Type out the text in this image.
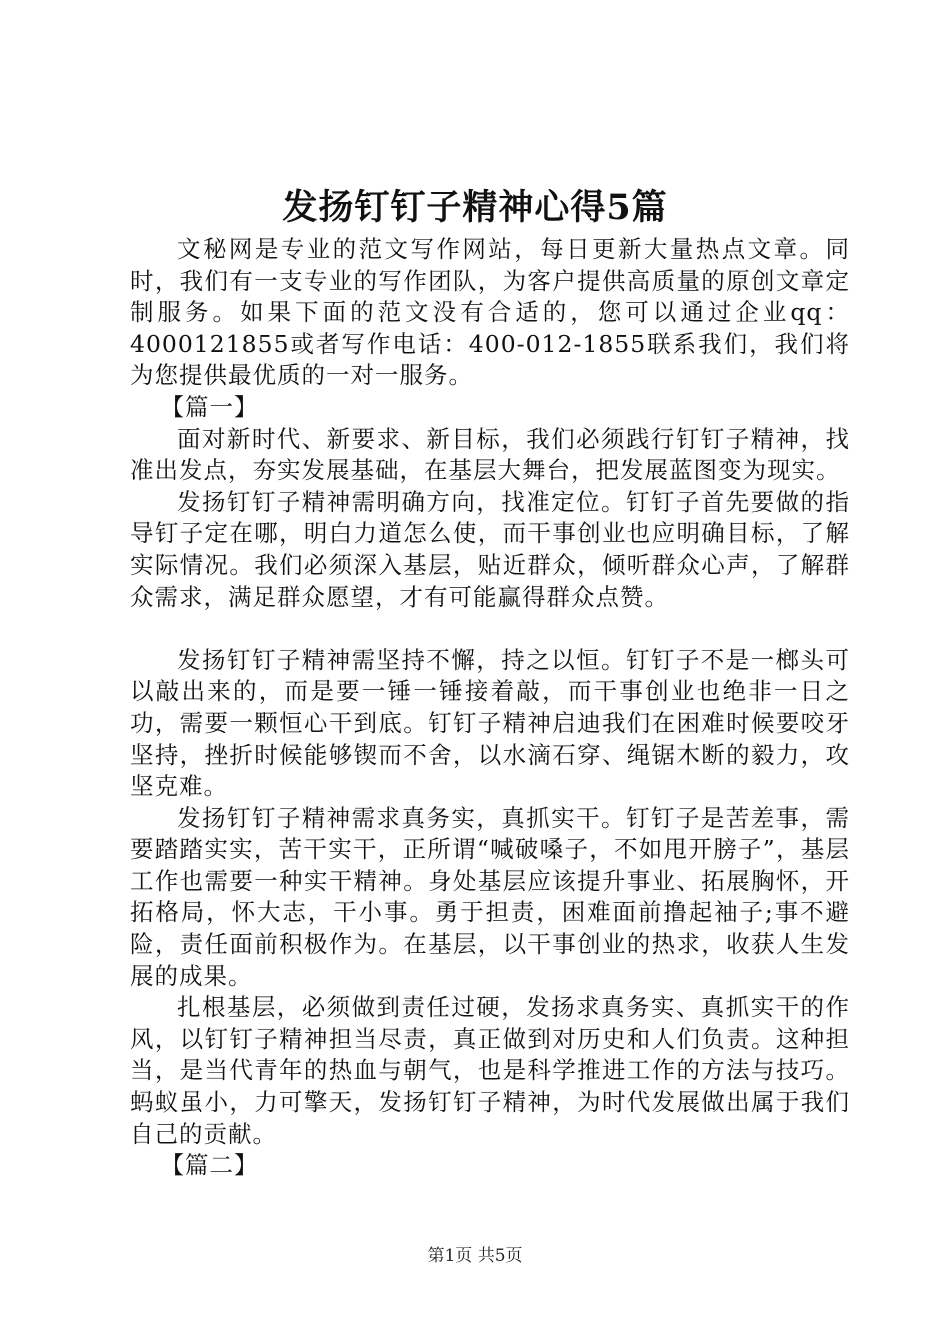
发扬钉钉子精神心得5篇

文秘网是专业的范文写作网站，每日更新大量热点文章。同时，我们有一支专业的写作团队，为客户提供高质量的原创文章定制服务。如果下面的范文没有合适的，您可以通过企业qq：4000121855或者写作电话：400-012-1855联系我们，我们将为您提供最优质的一对一服务。

【篇一】

面对新时代、新要求、新目标，我们必须践行钉钉子精神，找准出发点，夯实发展基础，在基层大舞台，把发展蓝图变为现实。

发扬钉钉子精神需明确方向，找准定位。钉钉子首先要做的指导钉子定在哪，明白力道怎么使，而干事创业也应明确目标，了解实际情况。我们必须深入基层，贴近群众，倾听群众心声，了解群众需求，满足群众愿望，才有可能赢得群众点赞。

发扬钉钉子精神需坚持不懈，持之以恒。钉钉子不是一榔头可以敲出来的，而是要一锤一锤接着敲，而干事创业也绝非一日之功，需要一颗恒心干到底。钉钉子精神启迪我们在困难时候要咬牙坚持，挫折时候能够锲而不舍，以水滴石穿、绳锯木断的毅力，攻坚克难。

发扬钉钉子精神需求真务实，真抓实干。钉钉子是苦差事，需要踏踏实实，苦干实干，正所谓“喊破嗓子，不如甩开膀子”，基层工作也需要一种实干精神。身处基层应该提升事业、拓展胸怀，开拓格局，怀大志，干小事。勇于担责，困难面前撸起袖子;事不避险，责任面前积极作为。在基层，以干事创业的热求，收获人生发展的成果。

扎根基层，必须做到责任过硬，发扬求真务实、真抓实干的作风，以钉钉子精神担当尽责，真正做到对历史和人们负责。这种担当，是当代青年的热血与朝气，也是科学推进工作的方法与技巧。蚂蚁虽小，力可擎天，发扬钉钉子精神，为时代发展做出属于我们自己的贡献。

【篇二】

第1页 共5页
